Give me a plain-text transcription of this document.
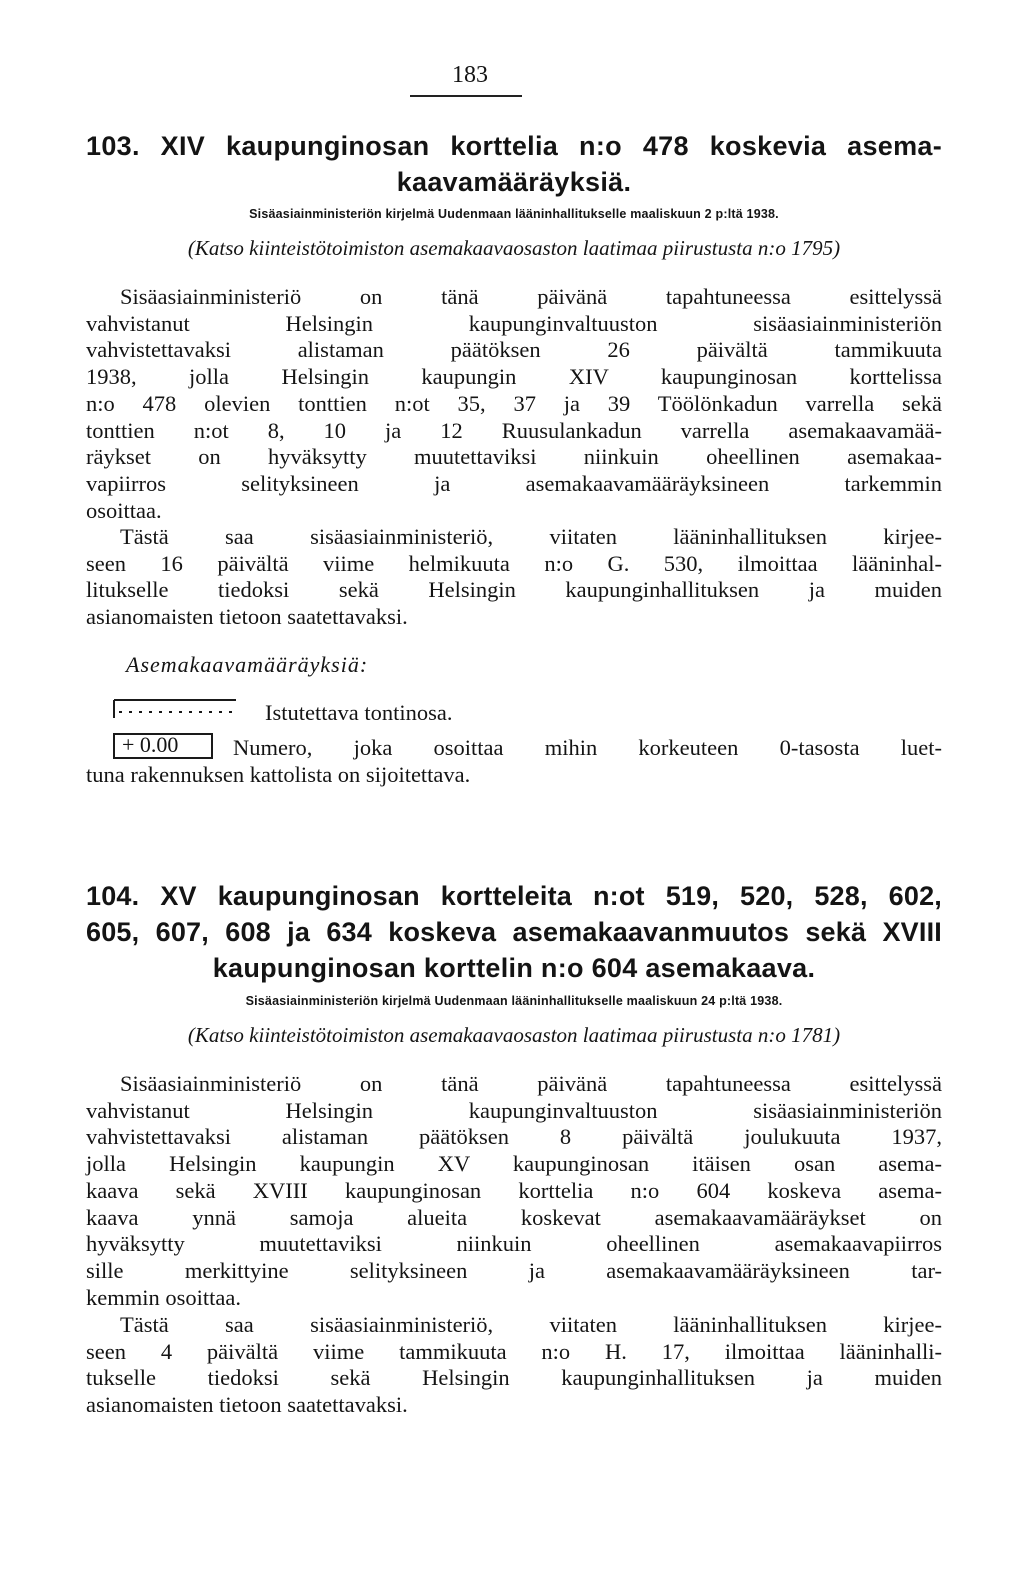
183
103. XIV kaupunginosan korttelia n:o 478 koskevia asema-
kaavamääräyksiä.
Sisäasiainministeriön kirjelmä Uudenmaan lääninhallitukselle maaliskuun 2 p:ltä 1938.
(Katso kiinteistötoimiston asemakaavaosaston laatimaa piirustusta n:o 1795)
Sisäasiainministeriö on tänä päivänä tapahtuneessa esittelyssä
vahvistanut Helsingin kaupunginvaltuuston sisäasiainministeriön
vahvistettavaksi alistaman päätöksen 26 päivältä tammikuuta
1938, jolla Helsingin kaupungin XIV kaupunginosan korttelissa
n:o 478 olevien tonttien n:ot 35, 37 ja 39 Töölönkadun varrella sekä
tonttien n:ot 8, 10 ja 12 Ruusulankadun varrella asemakaavamää-
räykset on hyväksytty muutettaviksi niinkuin oheellinen asemakaa-
vapiirros selityksineen ja asemakaavamääräyksineen tarkemmin
osoittaa.
Tästä saa sisäasiainministeriö, viitaten lääninhallituksen kirjee-
seen 16 päivältä viime helmikuuta n:o G. 530, ilmoittaa lääninhal-
litukselle tiedoksi sekä Helsingin kaupunginhallituksen ja muiden
asianomaisten tietoon saatettavaksi.
Asemakaavamääräyksiä:
Istutettava tontinosa.
+ 0.00	Numero, joka osoittaa mihin korkeuteen 0-tasosta luet-
tuna rakennuksen kattolista on sijoitettava.
104. XV kaupunginosan kortteleita n:ot 519, 520, 528, 602,
605, 607, 608 ja 634 koskeva asemakaavanmuutos sekä XVIII
kaupunginosan korttelin n:o 604 asemakaava.
Sisäasiainministeriön kirjelmä Uudenmaan lääninhallitukselle maaliskuun 24 p:ltä 1938.
(Katso kiinteistötoimiston asemakaavaosaston laatimaa piirustusta n:o 1781)
Sisäasiainministeriö on tänä päivänä tapahtuneessa esittelyssä
vahvistanut Helsingin kaupunginvaltuuston sisäasiainministeriön
vahvistettavaksi alistaman päätöksen 8 päivältä joulukuuta 1937,
jolla Helsingin kaupungin XV kaupunginosan itäisen osan asema-
kaava sekä XVIII kaupunginosan korttelia n:o 604 koskeva asema-
kaava ynnä samoja alueita koskevat asemakaavamääräykset on
hyväksytty muutettaviksi niinkuin oheellinen asemakaavapiirros
sille merkittyine selityksineen ja asemakaavamääräyksineen tar-
kemmin osoittaa.
Tästä saa sisäasiainministeriö, viitaten lääninhallituksen kirjee-
seen 4 päivältä viime tammikuuta n:o H. 17, ilmoittaa lääninhalli-
tukselle tiedoksi sekä Helsingin kaupunginhallituksen ja muiden
asianomaisten tietoon saatettavaksi.
